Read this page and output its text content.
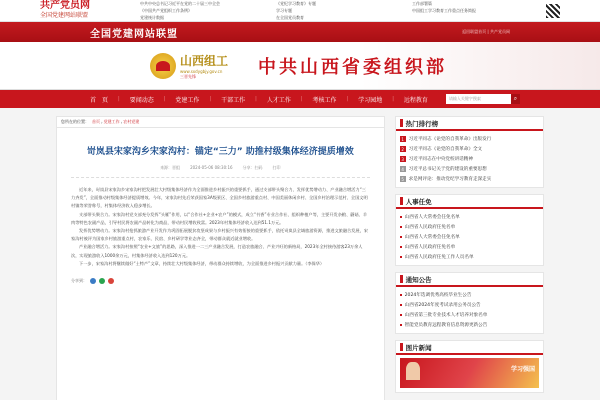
共产党员网
全国党建网站联盟
中共中央总书记习近平在党的二十届三中全会	《党纪学习教育》专题	工作部署篇
《中国共产党组织工作条例》	学习专题	中国组工学习教育工作重点任务简报
党建统计数据	在全国党员教育
全国党建网站联盟	返回联盟首页 | 共产党员网
山西组工
www.sxdygbjy.gov.cn
三晋先锋	中共山西省委组织部
首　页	|	要闻动态	|	党建工作	|	干部工作	|	人才工作	|	考核工作	|	学习园地	|	远程教育	请输入关键字搜索	⌕
您所在的位置： 首页 › 党建工作 › 农村党建
岢岚县宋家沟乡宋家沟村：锚定“三力” 助推村级集体经济提质增效
来源：晋组	2024-05-06 08:30:16	分享：扫码	打印

近年来，岢岚县宋家沟乡宋家沟村把发展壮大村级集体经济作为全面推进乡村振兴的重要抓手，通过支部带头聚合力、发挥优势增动力、产业融合增活力“三力齐发”，全面推动村级集体经济提质增效。今年，宋家沟村先后荣获国家3A级景区、全国乡村旅游重点村、中国美丽休闲乡村、全国乡村治理示范村、全国文明村镇等荣誉称号，村集体经济收入稳步增长。

支部带头聚合力。宋家沟村党支部充分发挥“头雁”作用，以“合作社+企业+农户”的模式，成立“书香”专业合作社、组织种植户等，主要开发杂粮、蘑菇、羊肉等特色农副产品，引导村民将农副产品转化为商品，带动村民增收致富。2023年村集体经济收入达到51.1万元。

发挥优势增动力。宋家沟村抢抓旅游产业开发作为巩固拓展脱贫攻坚成果与乡村振兴有效衔接的重要抓手，依托岢岚县全域旅游资源，推进文旅融合发展，宋家沟村被评为国家乡村旅游重点村，农家乐、民宿、乡村研学等业态齐全，带动群众就近就业增收。

产业融合增活力。宋家沟村按照“农业+文旅”的思路，深入推进一二三产业融合发展，打造农旅融合、产业兴旺的新格局，2023年全村接待游客23万余人次，实现旅游收入1000余万元，村集体经济收入达到120万元。

下一步，宋家沟村将继续做好“土特产”文章，持续壮大村级集体经济，带动群众持续增收，为全面推进乡村振兴贡献力量。（李保华）

分享到：
热门排行榜
1	习近平同志《论党的自我革命》出版发行
2	习近平同志《论党的自我革命》全文
3	习近平同志在中央党校讲话精神
4	习近平总书记关于党的建设的重要思想
5	求是网评论：推动党纪学习教育走深走实
人事任免
山西省人大常委会任免名单
山西省人民政府任免名单
山西省人大常委会任免名单
山西省人民政府任免名单
山西省人民政府任免工作人员名单
通知公告
2024年选调优秀高校毕业生公告
山西省2024年度考试录用公务员公告
山西省第三批专业技术人才培养对象名单
智能党员教育远程教育信息资源更新公告
图片新闻
学习强国
